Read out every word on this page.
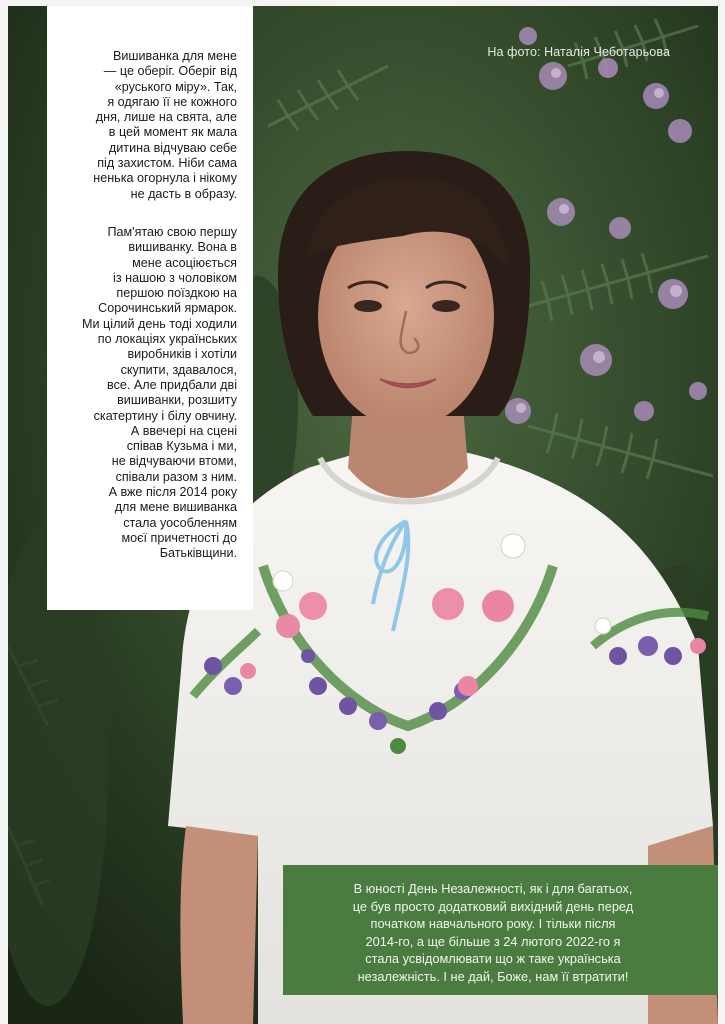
На фото: Наталія Чеботарьова
Вишиванка для мене
— це оберіг. Оберіг від
«руського міру». Так,
я одягаю її не кожного
дня, лише на свята, але
в цей момент як мала
дитина відчуваю себе
під захистом. Ніби сама
ненька огорнула і нікому
не дасть в образу.
Пам'ятаю свою першу
вишиванку. Вона в
мене асоціюється
із нашою з чоловіком
першою поїздкою на
Сорочинський ярмарок.
Ми цілий день тоді ходили
по локаціях українських
виробників і хотіли
скупити, здавалося,
все. Але придбали дві
вишиванки, розшиту
скатертину і білу овчину.
А ввечері на сцені
співав Кузьма і ми,
не відчуваючи втоми,
співали разом з ним.
А вже після 2014 року
для мене вишиванка
стала уособленням
моєї причетності до
Батьківщини.
В юності День Незалежності, як і для багатьох,
це був просто додатковий вихідний день перед
початком навчального року. І тільки після
2014-го, а ще більше з 24 лютого 2022-го я
стала усвідомлювати що ж таке українська
незалежність. І не дай, Боже, нам її втратити!
